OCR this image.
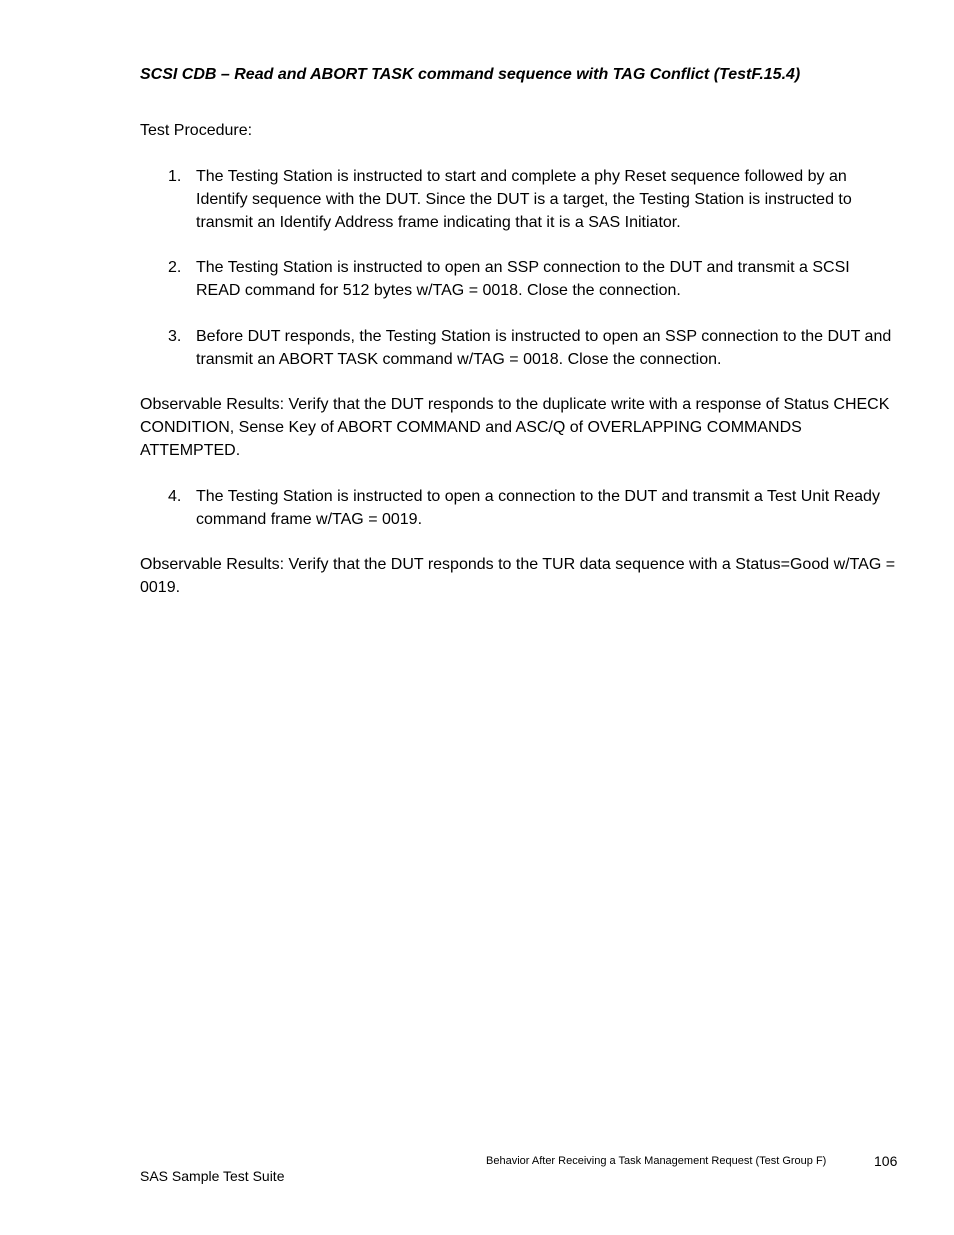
SCSI CDB – Read and ABORT TASK command sequence with TAG Conflict (TestF.15.4)
Test Procedure:
1. The Testing Station is instructed to start and complete a phy Reset sequence followed by an Identify sequence with the DUT. Since the DUT is a target, the Testing Station is instructed to transmit an Identify Address frame indicating that it is a SAS Initiator.
2. The Testing Station is instructed to open an SSP connection to the DUT and transmit a SCSI READ command for 512 bytes w/TAG = 0018. Close the connection.
3. Before DUT responds, the Testing Station is instructed to open an SSP connection to the DUT and transmit an ABORT TASK command w/TAG = 0018. Close the connection.
Observable Results: Verify that the DUT responds to the duplicate write with a response of Status CHECK CONDITION, Sense Key of ABORT COMMAND and ASC/Q of OVERLAPPING COMMANDS ATTEMPTED.
4. The Testing Station is instructed to open a connection to the DUT and transmit a Test Unit Ready command frame w/TAG = 0019.
Observable Results: Verify that the DUT responds to the TUR data sequence with a Status=Good w/TAG = 0019.
Behavior After Receiving a Task Management Request (Test Group F)	106
SAS Sample Test Suite
